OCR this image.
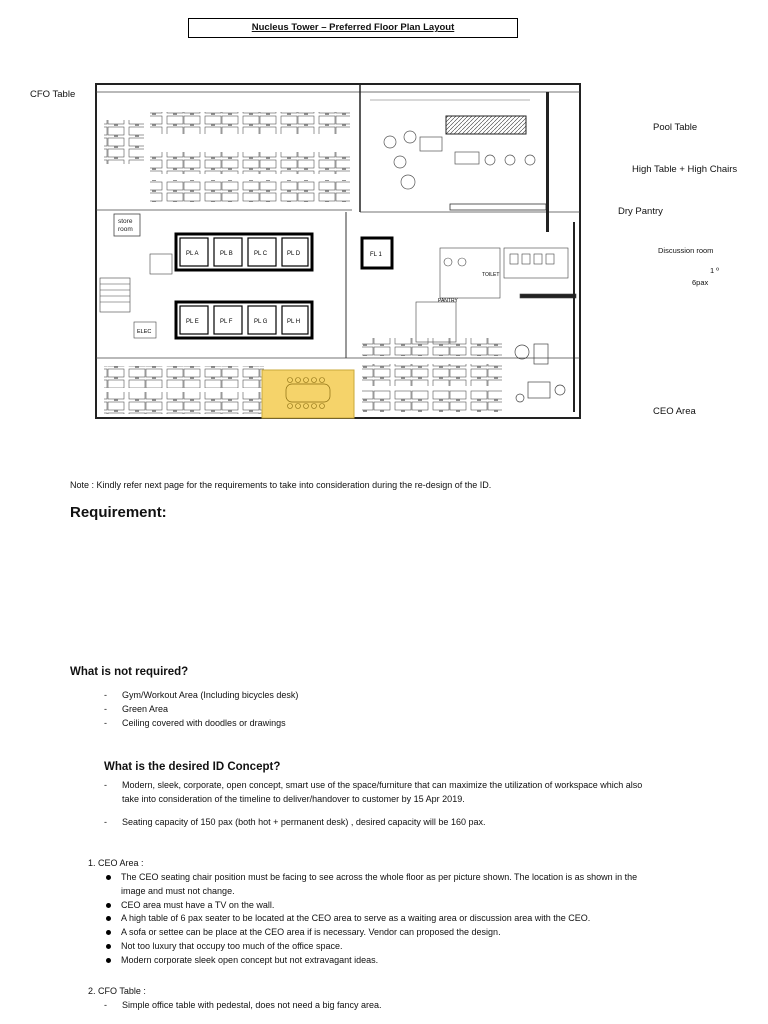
Nucleus Tower – Preferred Floor Plan Layout
CFO Table
Pool Table
High Table + High Chairs
Dry Pantry
Discussion room
1 º
6pax
CEO Area
store
room
PL A	PL B	PL C	PL D
PL E	PL F	PL G	PL H
FL 1
ELEC
TOILET
PANTRY
Note : Kindly refer next page for the requirements to take into consideration during the re-design of the ID.
Requirement:
What is not required?
- Gym/Workout Area (Including bicycles desk)
- Green Area
- Ceiling covered with doodles or drawings
What is the desired ID Concept?
- Modern, sleek, corporate, open concept, smart use of the space/furniture that can maximize the utilization of workspace which also
take into consideration of the timeline to deliver/handover to customer by 15 Apr 2019.
- Seating capacity of 150 pax (both hot + permanent desk) , desired capacity will be 160 pax.
1. CEO Area :
The CEO seating chair position must be facing to see across the whole floor as per picture shown. The location is as shown in the
image and must not change.
CEO area must have a TV on the wall.
A high table of 6 pax seater to be located at the CEO area to serve as a waiting area or discussion area with the CEO.
A sofa or settee can be place at the CEO area if is necessary. Vendor can proposed the design.
Not too luxury that occupy too much of the office space.
Modern corporate sleek open concept but not extravagant ideas.
2. CFO Table :
- Simple office table with pedestal, does not need a big fancy area.
